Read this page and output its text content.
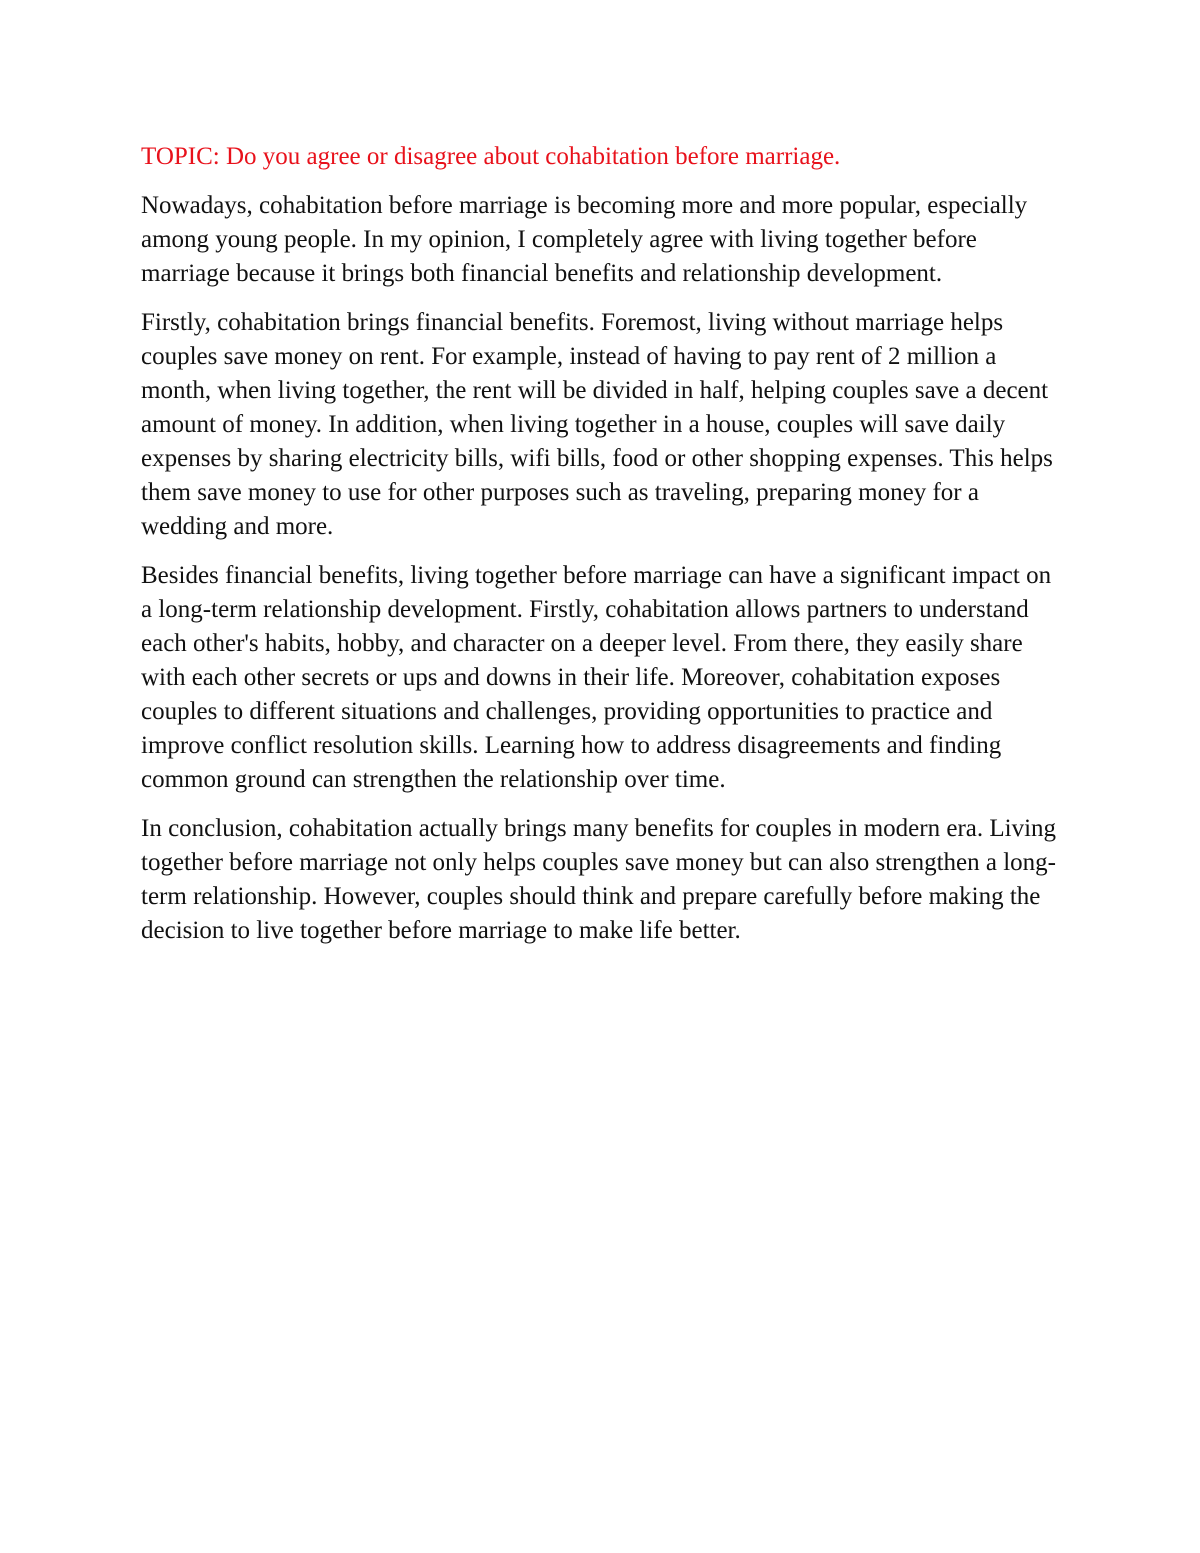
TOPIC: Do you agree or disagree about cohabitation before marriage.

Nowadays, cohabitation before marriage is becoming more and more popular, especially among young people. In my opinion, I completely agree with living together before marriage because it brings both financial benefits and relationship development.

Firstly, cohabitation brings financial benefits. Foremost, living without marriage helps couples save money on rent. For example, instead of having to pay rent of 2 million a month, when living together, the rent will be divided in half, helping couples save a decent amount of money. In addition, when living together in a house, couples will save daily expenses by sharing electricity bills, wifi bills, food or other shopping expenses. This helps them save money to use for other purposes such as traveling, preparing money for a wedding and more.

Besides financial benefits, living together before marriage can have a significant impact on a long-term relationship development. Firstly, cohabitation allows partners to understand each other's habits, hobby, and character on a deeper level. From there, they easily share with each other secrets or ups and downs in their life. Moreover, cohabitation exposes couples to different situations and challenges, providing opportunities to practice and improve conflict resolution skills. Learning how to address disagreements and finding common ground can strengthen the relationship over time.

In conclusion, cohabitation actually brings many benefits for couples in modern era. Living together before marriage not only helps couples save money but can also strengthen a long-term relationship. However, couples should think and prepare carefully before making the decision to live together before marriage to make life better.
